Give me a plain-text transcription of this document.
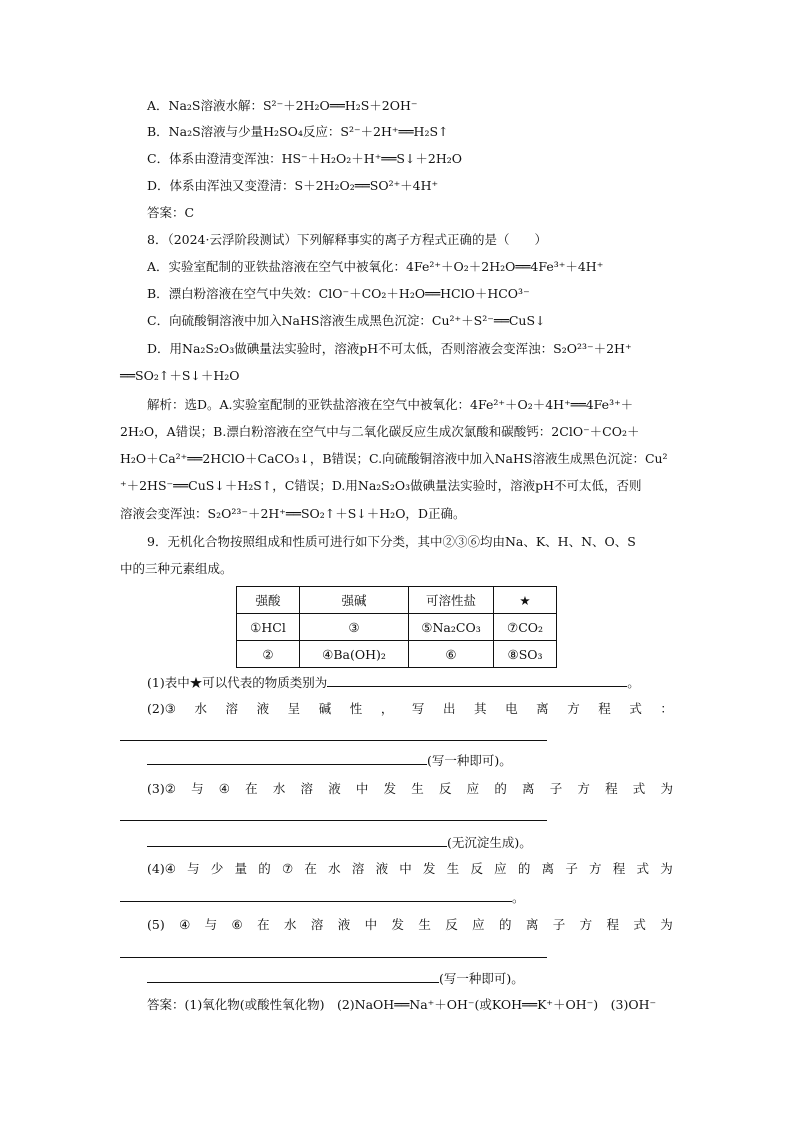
A．Na₂S溶液水解：S²⁻＋2H₂O══H₂S＋2OH⁻
B．Na₂S溶液与少量H₂SO₄反应：S²⁻＋2H⁺══H₂S↑
C．体系由澄清变浑浊：HS⁻＋H₂O₂＋H⁺══S↓＋2H₂O
D．体系由浑浊又变澄清：S＋2H₂O₂══SO²⁺＋4H⁺
答案：C
8．（2024·云浮阶段测试）下列解释事实的离子方程式正确的是（　　）
A．实验室配制的亚铁盐溶液在空气中被氧化：4Fe²⁺＋O₂＋2H₂O══4Fe³⁺＋4H⁺
B．漂白粉溶液在空气中失效：ClO⁻＋CO₂＋H₂O══HClO＋HCO³⁻
C．向硫酸铜溶液中加入NaHS溶液生成黑色沉淀：Cu²⁺＋S²⁻══CuS↓
D．用Na₂S₂O₃做碘量法实验时，溶液pH不可太低，否则溶液会变浑浊：S₂O²³⁻＋2H⁺
══SO₂↑＋S↓＋H₂O
解析：选D。A.实验室配制的亚铁盐溶液在空气中被氧化：4Fe²⁺＋O₂＋4H⁺══4Fe³⁺＋
2H₂O，A错误；B.漂白粉溶液在空气中与二氧化碳反应生成次氯酸和碳酸钙：2ClO⁻＋CO₂＋
H₂O＋Ca²⁺══2HClO＋CaCO₃↓，B错误；C.向硫酸铜溶液中加入NaHS溶液生成黑色沉淀：Cu²
⁺＋2HS⁻══CuS↓＋H₂S↑，C错误；D.用Na₂S₂O₃做碘量法实验时，溶液pH不可太低，否则
溶液会变浑浊：S₂O²³⁻＋2H⁺══SO₂↑＋S↓＋H₂O，D正确。
9．无机化合物按照组成和性质可进行如下分类，其中②③⑥均由Na、K、H、N、O、S
中的三种元素组成。
强酸	强碱	可溶性盐	★
①HCl	③	⑤Na₂CO₃	⑦CO₂
②	④Ba(OH)₂	⑥	⑧SO₃
(1)表中★可以代表的物质类别为	。
(2)③ 水 溶 液 呈 碱 性 ， 写 出 其 电 离 方 程 式 ：
(写一种即可)。
(3)② 与 ④ 在 水 溶 液 中 发 生 反 应 的 离 子 方 程 式 为
(无沉淀生成)。
(4)④ 与 少 量 的 ⑦ 在 水 溶 液 中 发 生 反 应 的 离 子 方 程 式 为
。
(5) ④ 与 ⑥ 在 水 溶 液 中 发 生 反 应 的 离 子 方 程 式 为
(写一种即可)。
答案：(1)氧化物(或酸性氧化物)　(2)NaOH══Na⁺＋OH⁻(或KOH══K⁺＋OH⁻)　(3)OH⁻
